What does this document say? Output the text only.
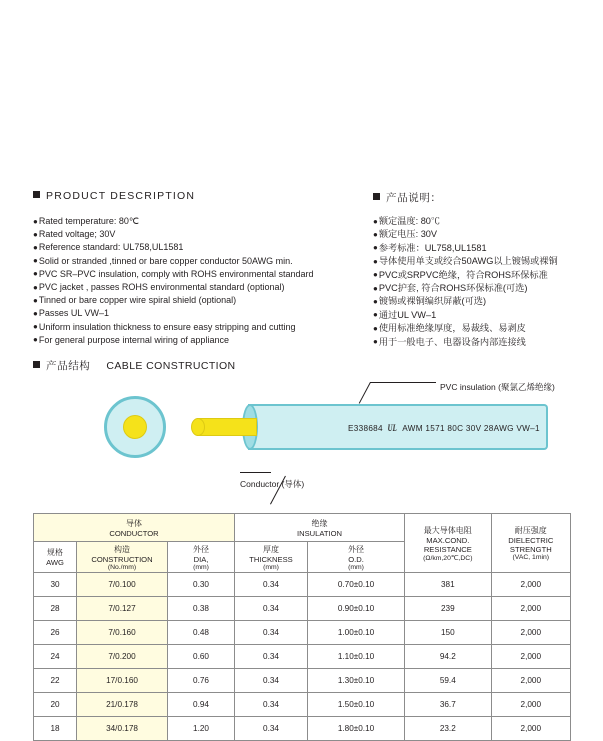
PRODUCT DESCRIPTION	产品说明：
● Rated temperature: 80℃
● Rated voltage; 30V
● Reference standard: UL758,UL1581
● Solid or stranded ,tinned or bare copper conductor 50AWG min.
● PVC SR–PVC insulation, comply with ROHS environmental standard
● PVC jacket , passes ROHS environmental standard (optional)
● Tinned or bare copper wire spiral shield (optional)
● Passes UL VW–1
● Uniform insulation thickness to ensure easy stripping and cutting
● For general purpose internal wiring of appliance
● 额定温度: 80℃
● 额定电压: 30V
● 参考标准：UL758,UL1581
● 导体使用单支或绞合50AWG以上镀锡或裸铜
● PVC或SRPVC绝缘，符合ROHS环保标准
● PVC护套, 符合ROHS环保标准(可选)
● 镀锡或裸铜编织屏蔽(可选)
● 通过UL VW–1
● 使用标准绝缘厚度，易裁线、易剥皮
● 用于一般电子、电器设备内部连接线
产品结构 CABLE CONSTRUCTION
PVC insulation (聚氯乙烯绝缘)
E338684 UL AWM 1571 80C 30V 28AWG VW–1
Conductor (导体)
导体
CONDUCTOR

绝缘
INSULATION	最大导体电阻
MAX.COND.
RESISTANCE
(Ω/km,20℃,DC)

耐压强度
DIELECTRIC
STRENGTH
(VAC, 1min)

规格
AWG

构造
CONSTRUCTION
(No./mm)

外径
DIA,
(mm)

厚度
THICKNESS
(mm)

外径
O.D.
(mm)

30	7/0.100	0.30	0.34	0.70±0.10	381	2,000
28	7/0.127	0.38	0.34	0.90±0.10	239	2,000
26	7/0.160	0.48	0.34	1.00±0.10	150	2,000
24	7/0.200	0.60	0.34	1.10±0.10	94.2	2,000
22	17/0.160	0.76	0.34	1.30±0.10	59.4	2,000
20	21/0.178	0.94	0.34	1.50±0.10	36.7	2,000
18	34/0.178	1.20	0.34	1.80±0.10	23.2	2,000
